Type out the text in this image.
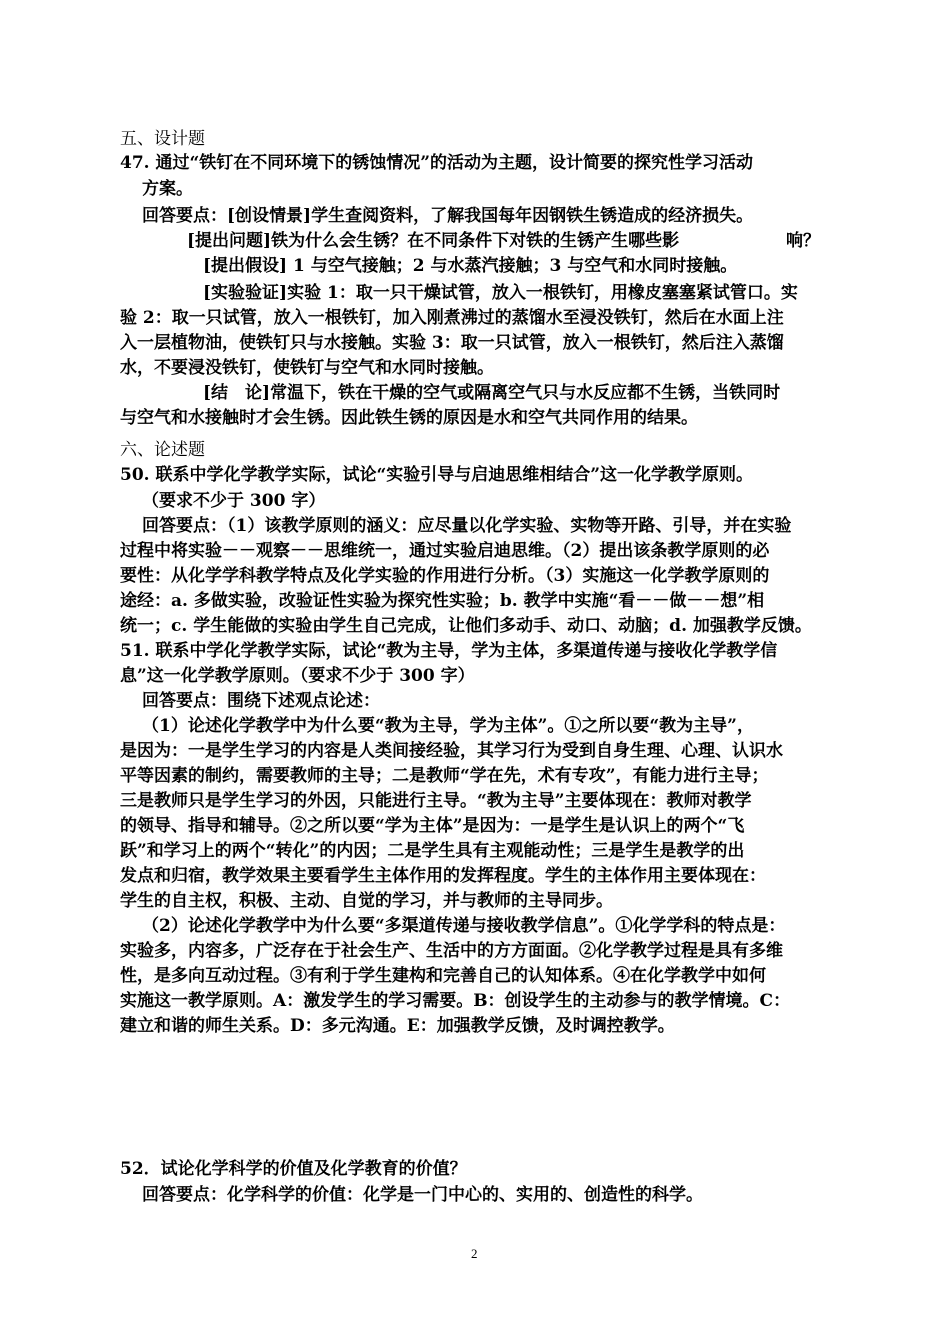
五、设计题
47. 通过“铁钉在不同环境下的锈蚀情况”的活动为主题，设计简要的探究性学习活动
方案。
回答要点：[创设情景]学生查阅资料，了解我国每年因钢铁生锈造成的经济损失。
[提出问题]铁为什么会生锈？在不同条件下对铁的生锈产生哪些影	响？
[提出假设] 1 与空气接触；2 与水蒸汽接触；3 与空气和水同时接触。
[实验验证]实验 1：取一只干燥试管，放入一根铁钉，用橡皮塞塞紧试管口。实
验 2：取一只试管，放入一根铁钉，加入刚煮沸过的蒸馏水至浸没铁钉，然后在水面上注
入一层植物油，使铁钉只与水接触。实验 3：取一只试管，放入一根铁钉，然后注入蒸馏
水，不要浸没铁钉，使铁钉与空气和水同时接触。
[结　论]常温下，铁在干燥的空气或隔离空气只与水反应都不生锈，当铁同时
与空气和水接触时才会生锈。因此铁生锈的原因是水和空气共同作用的结果。
六、论述题
50. 联系中学化学教学实际，试论“实验引导与启迪思维相结合”这一化学教学原则。
（要求不少于 300 字）
回答要点：（1）该教学原则的涵义：应尽量以化学实验、实物等开路、引导，并在实验
过程中将实验－－观察－－思维统一，通过实验启迪思维。（2）提出该条教学原则的必
要性：从化学学科教学特点及化学实验的作用进行分析。（3）实施这一化学教学原则的
途经：a. 多做实验，改验证性实验为探究性实验；b. 教学中实施“看－－做－－想”相
统一；c. 学生能做的实验由学生自己完成，让他们多动手、动口、动脑；d. 加强教学反馈。
51. 联系中学化学教学实际，试论“教为主导，学为主体，多渠道传递与接收化学教学信
息”这一化学教学原则。（要求不少于 300 字）
回答要点：围绕下述观点论述：
（1）论述化学教学中为什么要“教为主导，学为主体”。①之所以要“教为主导”，
是因为：一是学生学习的内容是人类间接经验，其学习行为受到自身生理、心理、认识水
平等因素的制约，需要教师的主导；二是教师“学在先，术有专攻”，有能力进行主导；
三是教师只是学生学习的外因，只能进行主导。“教为主导”主要体现在：教师对教学
的领导、指导和辅导。②之所以要“学为主体”是因为：一是学生是认识上的两个“飞
跃”和学习上的两个“转化”的内因；二是学生具有主观能动性；三是学生是教学的出
发点和归宿，教学效果主要看学生主体作用的发挥程度。学生的主体作用主要体现在：
学生的自主权，积极、主动、自觉的学习，并与教师的主导同步。
（2）论述化学教学中为什么要“多渠道传递与接收教学信息”。①化学学科的特点是：
实验多，内容多，广泛存在于社会生产、生活中的方方面面。②化学教学过程是具有多维
性，是多向互动过程。③有利于学生建构和完善自己的认知体系。④在化学教学中如何
实施这一教学原则。A：激发学生的学习需要。B：创设学生的主动参与的教学情境。C：
建立和谐的师生关系。D：多元沟通。E：加强教学反馈，及时调控教学。
52．试论化学科学的价值及化学教育的价值？
回答要点：化学科学的价值：化学是一门中心的、实用的、创造性的科学。
2
